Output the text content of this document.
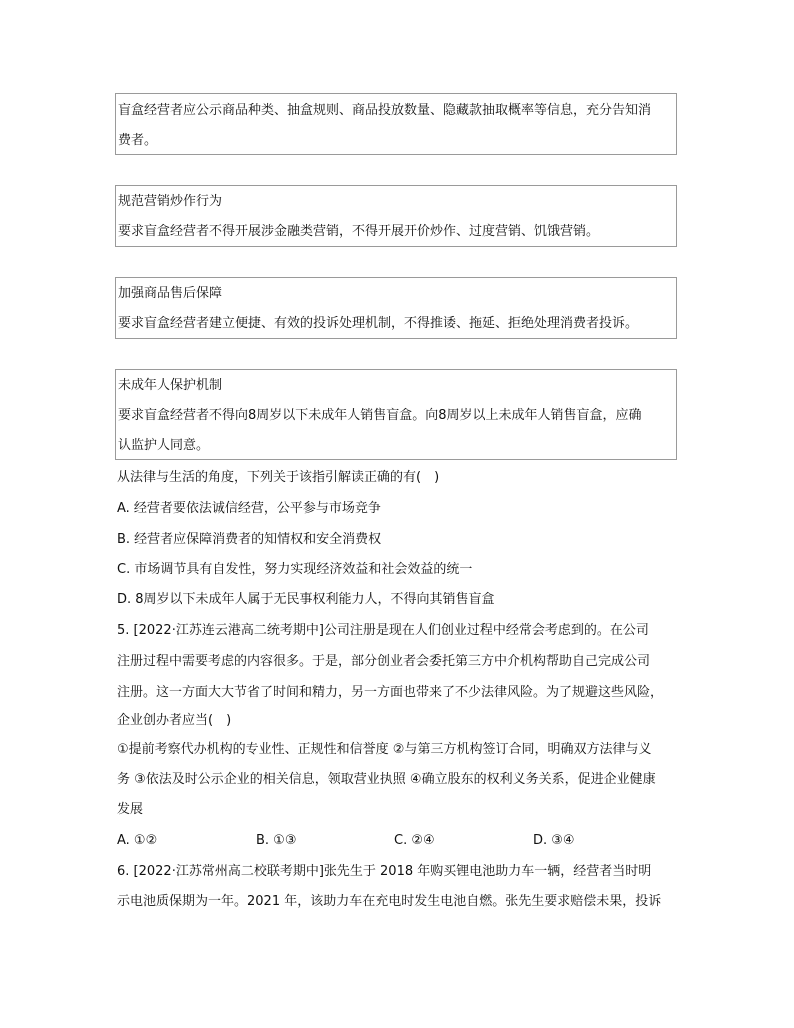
盲盒经营者应公示商品种类、抽盒规则、商品投放数量、隐藏款抽取概率等信息，充分告知消

费者。

规范营销炒作行为

要求盲盒经营者不得开展涉金融类营销，不得开展开价炒作、过度营销、饥饿营销。

加强商品售后保障

要求盲盒经营者建立便捷、有效的投诉处理机制，不得推诿、拖延、拒绝处理消费者投诉。

未成年人保护机制

要求盲盒经营者不得向8周岁以下未成年人销售盲盒。向8周岁以上未成年人销售盲盒，应确

认监护人同意。

从法律与生活的角度，下列关于该指引解读正确的有(　)

A. 经营者要依法诚信经营，公平参与市场竞争

B. 经营者应保障消费者的知情权和安全消费权

C. 市场调节具有自发性，努力实现经济效益和社会效益的统一

D. 8周岁以下未成年人属于无民事权利能力人，不得向其销售盲盒

5. [2022·江苏连云港高二统考期中]公司注册是现在人们创业过程中经常会考虑到的。在公司

注册过程中需要考虑的内容很多。于是，部分创业者会委托第三方中介机构帮助自己完成公司

注册。这一方面大大节省了时间和精力，另一方面也带来了不少法律风险。为了规避这些风险，

企业创办者应当(　)

①提前考察代办机构的专业性、正规性和信誉度 ②与第三方机构签订合同，明确双方法律与义

务 ③依法及时公示企业的相关信息，领取营业执照 ④确立股东的权利义务关系，促进企业健康

发展

A. ①②	B. ①③	C. ②④	D. ③④

6. [2022·江苏常州高二校联考期中]张先生于 2018 年购买锂电池助力车一辆，经营者当时明

示电池质保期为一年。2021 年，该助力车在充电时发生电池自燃。张先生要求赔偿未果，投诉
